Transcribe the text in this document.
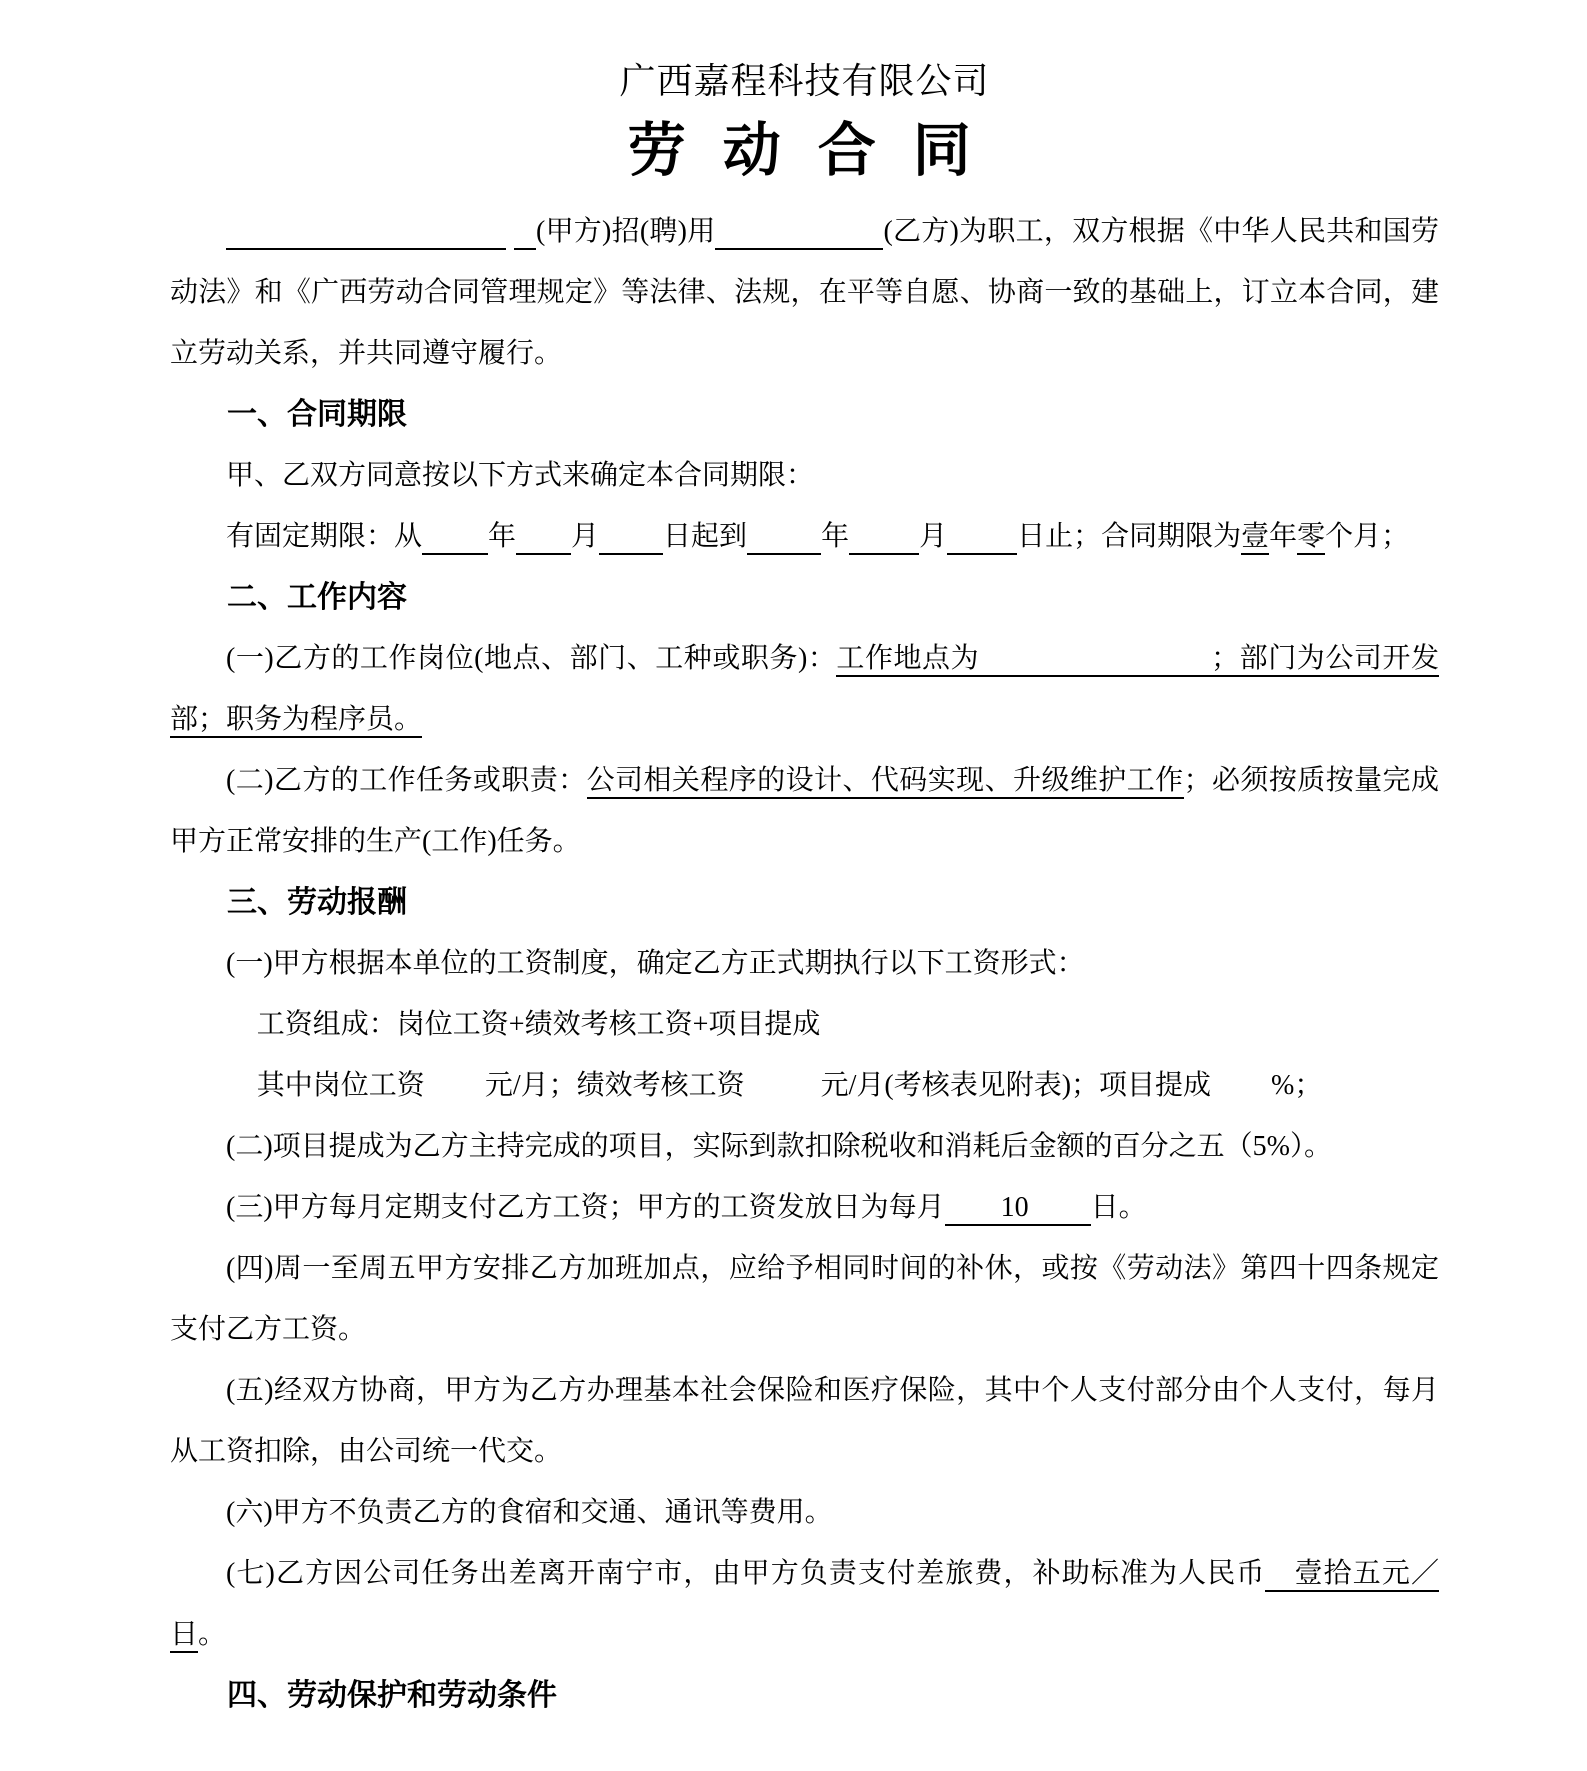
广西嘉程科技有限公司
劳 动 合 同

(甲方)招(聘)用	(乙方)为职工，双方根据《中华人民共和国劳动法》和《广西劳动合同管理规定》等法律、法规，在平等自愿、协商一致的基础上，订立本合同，建立劳动关系，并共同遵守履行。

一、合同期限

甲、乙双方同意按以下方式来确定本合同期限：

有固定期限：从 年 月 日起到	年	月	日止；合同期限为壹年零个月；

二、工作内容

(一)乙方的工作岗位(地点、部门、工种或职务)：工作地点为	；部门为公司开发部；职务为程序员。

(二)乙方的工作任务或职责：公司相关程序的设计、代码实现、升级维护工作；必须按质按量完成甲方正常安排的生产(工作)任务。

三、劳动报酬

(一)甲方根据本单位的工资制度，确定乙方正式期执行以下工资形式：

工资组成：岗位工资+绩效考核工资+项目提成

其中岗位工资 元/月；绩效考核工资	元/月(考核表见附表)；项目提成 %；

(二)项目提成为乙方主持完成的项目，实际到款扣除税收和消耗后金额的百分之五（5%）。

(三)甲方每月定期支付乙方工资；甲方的工资发放日为每月 10 日。

(四)周一至周五甲方安排乙方加班加点，应给予相同时间的补休，或按《劳动法》第四十四条规定支付乙方工资。

(五)经双方协商，甲方为乙方办理基本社会保险和医疗保险，其中个人支付部分由个人支付，每月从工资扣除，由公司统一代交。

(六)甲方不负责乙方的食宿和交通、通讯等费用。

(七)乙方因公司任务出差离开南宁市，由甲方负责支付差旅费，补助标准为人民币　壹拾五元／日。

四、劳动保护和劳动条件
